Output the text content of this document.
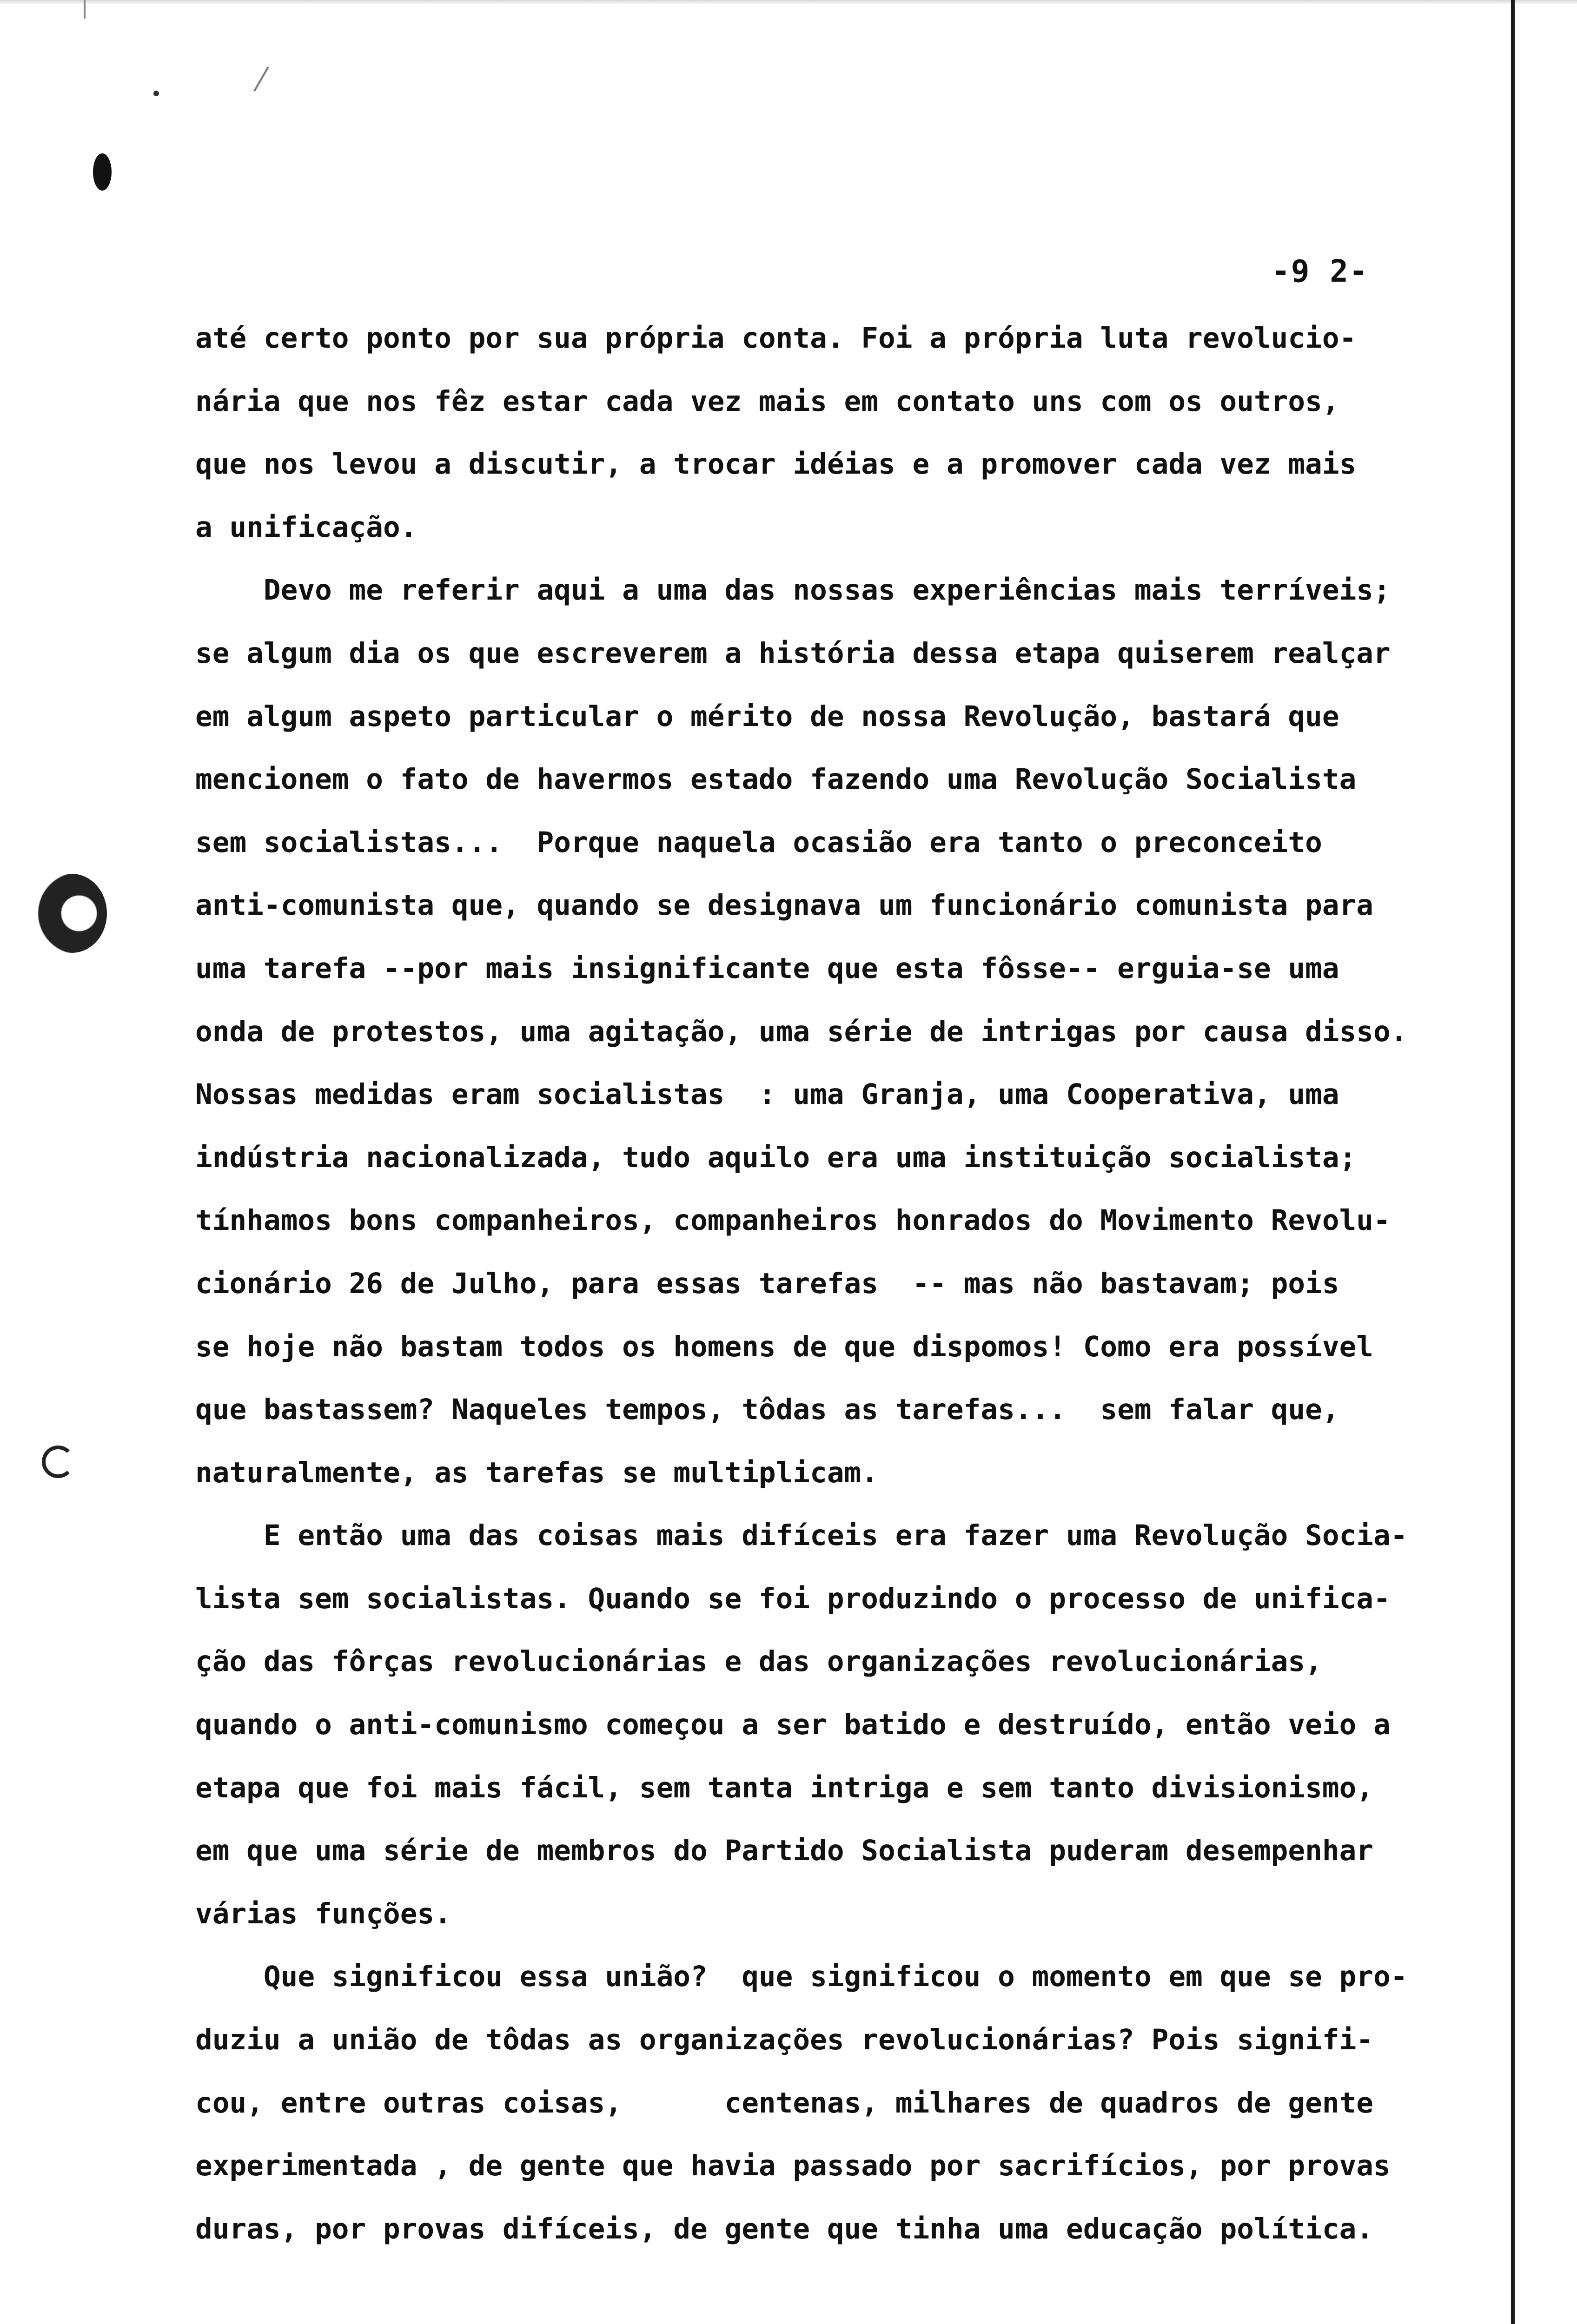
-9 2-
até certo ponto por sua própria conta. Foi a própria luta revolucio-
nária que nos fêz estar cada vez mais em contato uns com os outros,
que nos levou a discutir, a trocar idéias e a promover cada vez mais
a unificação.
Devo me referir aqui a uma das nossas experiências mais terríveis;
se algum dia os que escreverem a história dessa etapa quiserem realçar
em algum aspeto particular o mérito de nossa Revolução, bastará que
mencionem o fato de havermos estado fazendo uma Revolução Socialista
sem socialistas...  Porque naquela ocasião era tanto o preconceito
anti-comunista que, quando se designava um funcionário comunista para
uma tarefa --por mais insignificante que esta fôsse-- erguia-se uma
onda de protestos, uma agitação, uma série de intrigas por causa disso.
Nossas medidas eram socialistas  : uma Granja, uma Cooperativa, uma
indústria nacionalizada, tudo aquilo era uma instituição socialista;
tínhamos bons companheiros, companheiros honrados do Movimento Revolu-
cionário 26 de Julho, para essas tarefas  -- mas não bastavam; pois
se hoje não bastam todos os homens de que dispomos! Como era possível
que bastassem? Naqueles tempos, tôdas as tarefas...  sem falar que,
naturalmente, as tarefas se multiplicam.
E então uma das coisas mais difíceis era fazer uma Revolução Socia-
lista sem socialistas. Quando se foi produzindo o processo de unifica-
ção das fôrças revolucionárias e das organizações revolucionárias,
quando o anti-comunismo começou a ser batido e destruído, então veio a
etapa que foi mais fácil, sem tanta intriga e sem tanto divisionismo,
em que uma série de membros do Partido Socialista puderam desempenhar
várias funções.
Que significou essa união?  que significou o momento em que se pro-
duziu a união de tôdas as organizações revolucionárias? Pois signifi-
cou, entre outras coisas,      centenas, milhares de quadros de gente
experimentada , de gente que havia passado por sacrifícios, por provas
duras, por provas difíceis, de gente que tinha uma educação política.
